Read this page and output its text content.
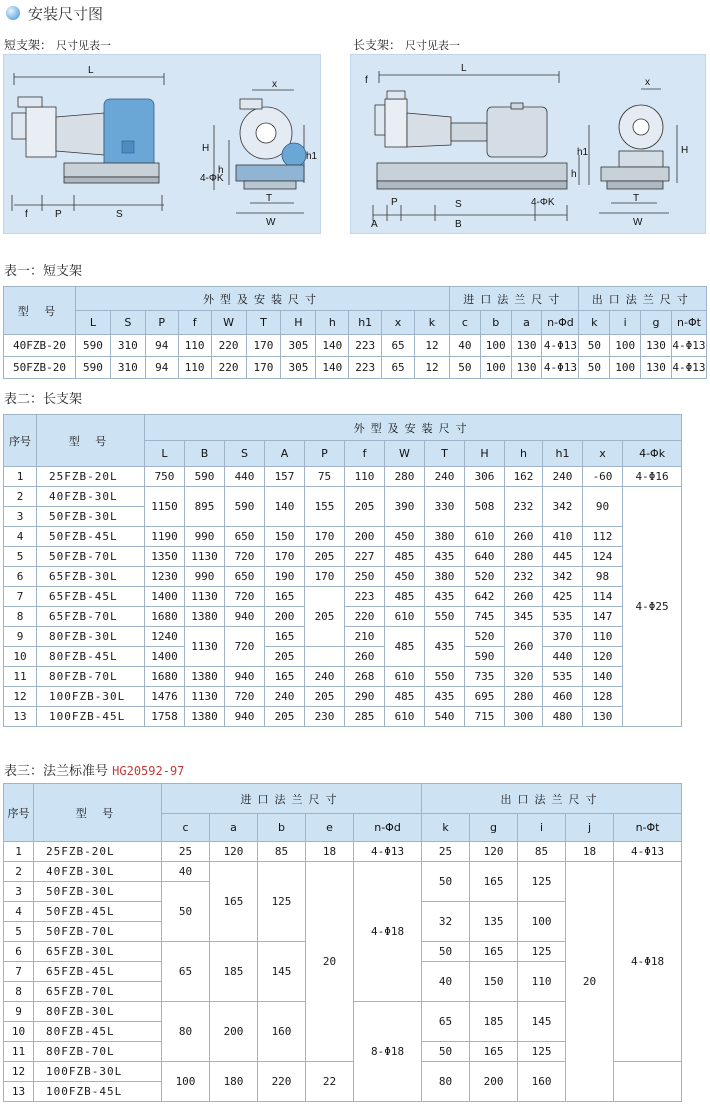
安装尺寸图
短支架： 尺寸见表一
L
f	P	S
H
h
h1
x
T
W
4-ΦK
长支架： 尺寸见表一
L
f
A
P
B
S	4-ΦK
x
h
h1	H
T
W
表一：短支架
型 号	外型及安装尺寸											进口法兰尺寸				出口法兰尺寸			
	L	S	P	f	W	T	H	h	h1	x	k	c	b	a	n-Φd	k	i	g	n-Φt
40FZB-20	590	310	94	110	220	170	305	140	223	65	12	40	100	130	4-Φ13	50	100	130	4-Φ13
50FZB-20	590	310	94	110	220	170	305	140	223	65	12	50	100	130	4-Φ13	50	100	130	4-Φ13
表二：长支架
序号	型 号	外型及安装尺寸												
		L	B	S	A	P	f	W	T	H	h	h1	x	4-Φk
1	25FZB-20L	750	590	440	157	75	110	280	240	306	162	240	-60	4-Φ16
2	40FZB-30L	1150	895	590	140	155	205	390	330	508	232	342	90	4-Φ25
3	50FZB-30L													
4	50FZB-45L	1190	990	650	150	170	200	450	380	610	260	410	112	
5	50FZB-70L	1350	1130	720	170	205	227	485	435	640	280	445	124	
6	65FZB-30L	1230	990	650	190	170	250	450	380	520	232	342	98	
7	65FZB-45L	1400	1130	720	165	205	223	485	435	642	260	425	114	
8	65FZB-70L	1680	1380	940	200		220	610	550	745	345	535	147	
9	80FZB-30L	1240	1130	720	165		210	485	435	520	260	370	110	
10	80FZB-45L	1400			205		260			590		440	120	
11	80FZB-70L	1680	1380	940	165	240	268	610	550	735	320	535	140	
12	100FZB-30L	1476	1130	720	240	205	290	485	435	695	280	460	128	
13	100FZB-45L	1758	1380	940	205	230	285	610	540	715	300	480	130	
表三：法兰标准号 HG20592-97
序号	型 号	进口法兰尺寸					出口法兰尺寸				
		c	a	b	e	n-Φd	k	g	i	j	n-Φt
1	25FZB-20L	25	120	85	18	4-Φ13	25	120	85	18	4-Φ13
2	40FZB-30L	40	165	125	20	4-Φ18	50	165	125	20	4-Φ18
3	50FZB-30L	50									
4	50FZB-45L						32	135	100		
5	50FZB-70L										
6	65FZB-30L	65	185	145			50	165	125		
7	65FZB-45L						40	150	110		
8	65FZB-70L										
9	80FZB-30L	80	200	160		8-Φ18	65	185	145		
10	80FZB-45L										
11	80FZB-70L						50	165	125		
12	100FZB-30L	100	180	220	22		80	200	160		
13	100FZB-45L										
